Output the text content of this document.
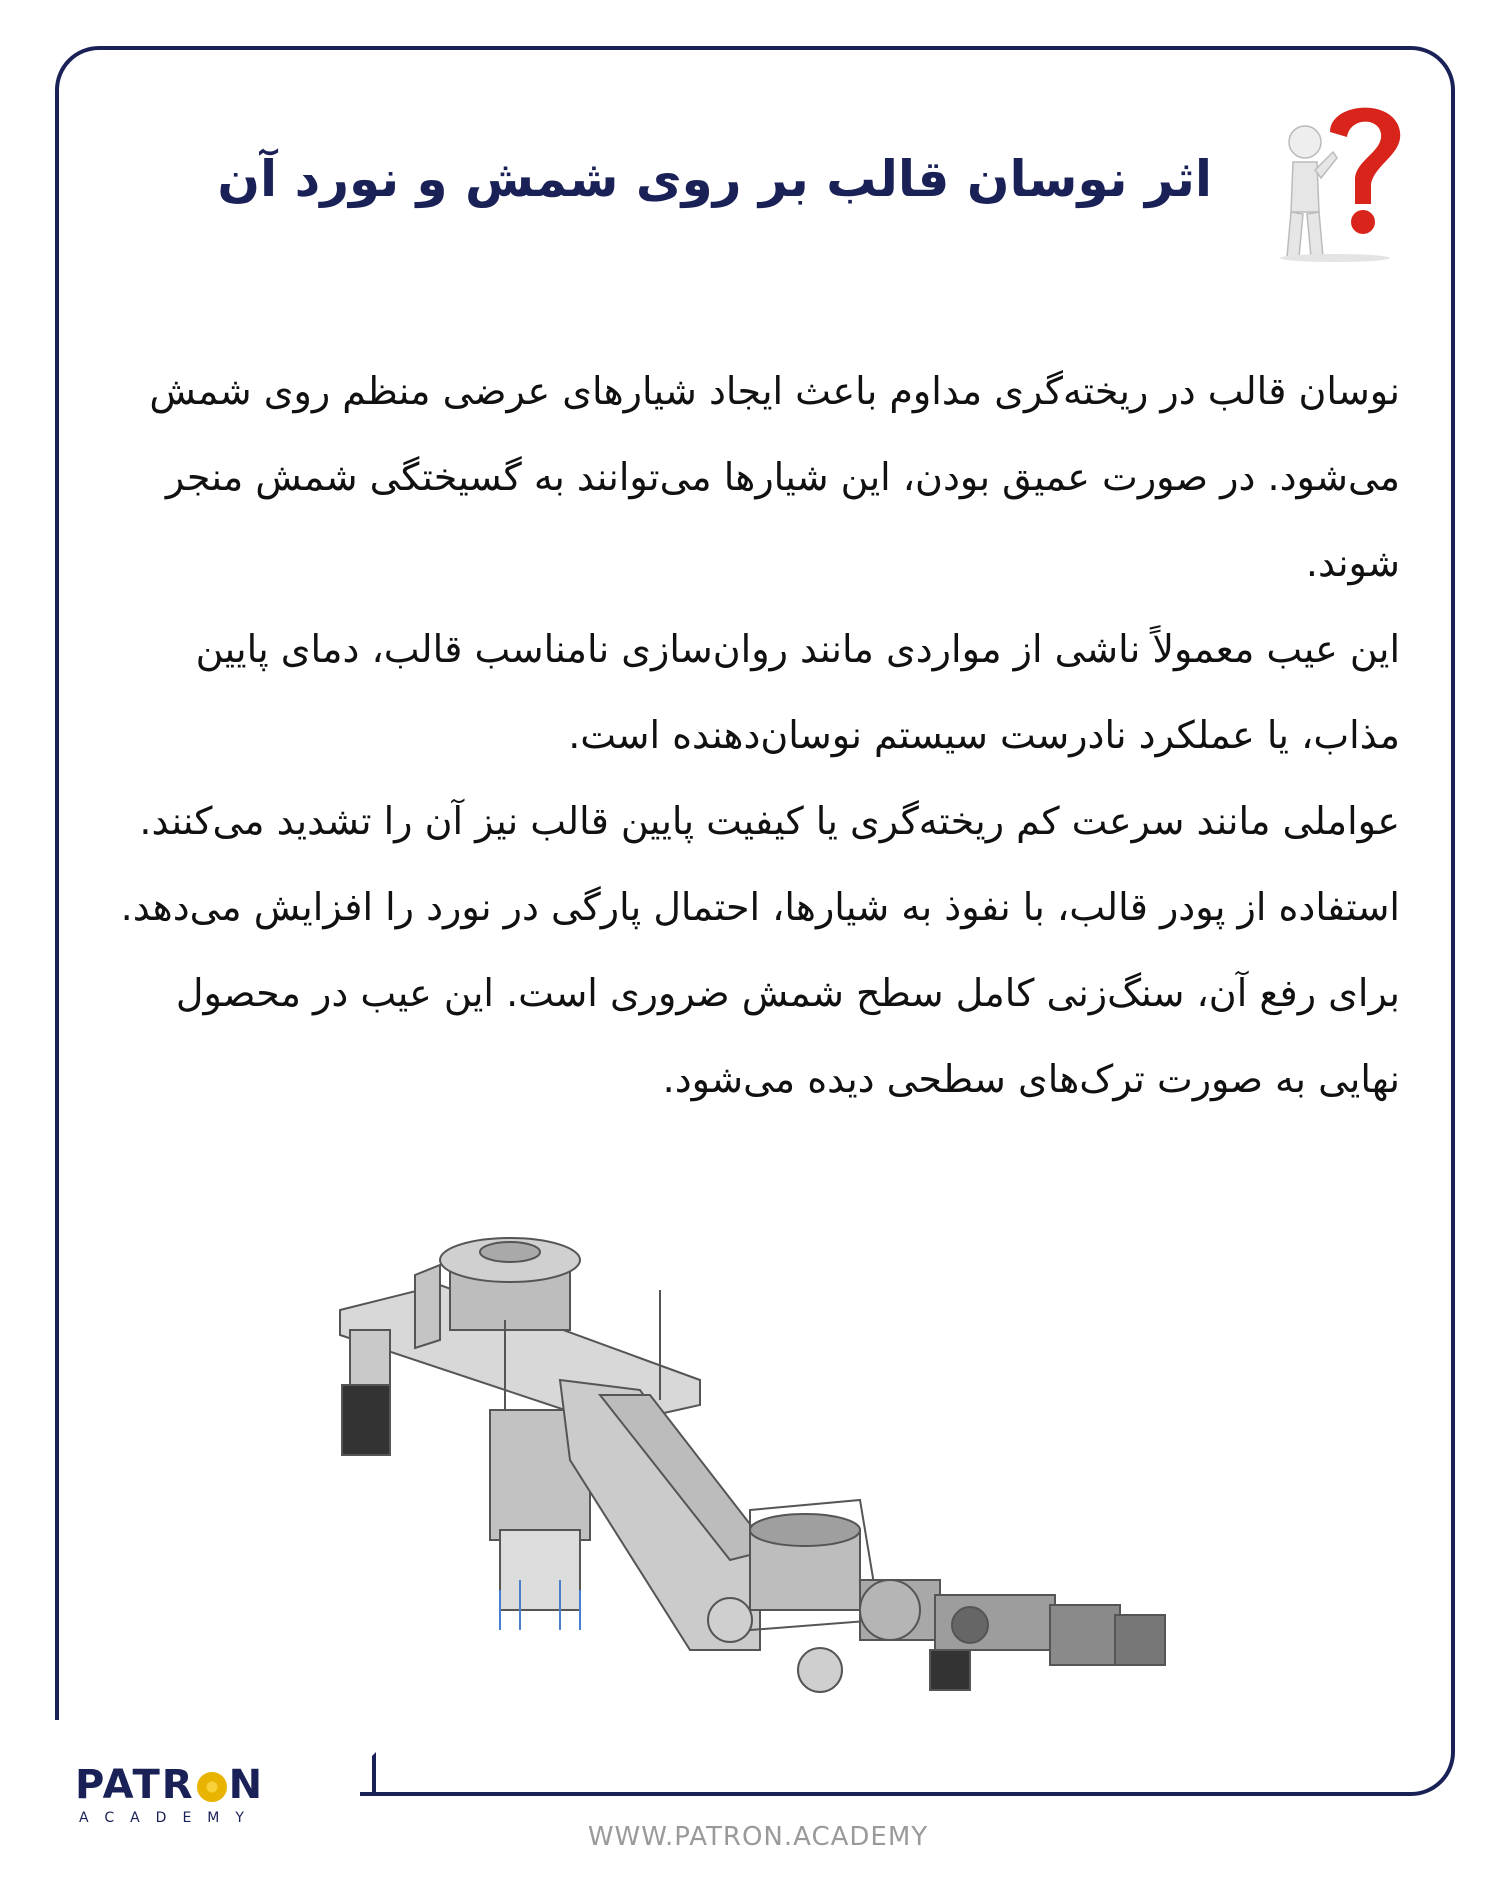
اثر نوسان قالب بر روی شمش و نورد آن

نوسان قالب در ریخته‌گری مداوم باعث ایجاد شیارهای عرضی منظم روی شمش می‌شود. در صورت عمیق بودن، این شیارها می‌توانند به گسیختگی شمش منجر شوند.

این عیب معمولاً ناشی از مواردی مانند روان‌سازی نامناسب قالب، دمای پایین مذاب، یا عملکرد نادرست سیستم نوسان‌دهنده است.

عواملی مانند سرعت کم ریخته‌گری یا کیفیت پایین قالب نیز آن را تشدید می‌کنند.

استفاده از پودر قالب، با نفوذ به شیارها، احتمال پارگی در نورد را افزایش می‌دهد. برای رفع آن، سنگ‌زنی کامل سطح شمش ضروری است. این عیب در محصول نهایی به صورت ترک‌های سطحی دیده می‌شود.

PATR N
ACADEMY
WWW.PATRON.ACADEMY
